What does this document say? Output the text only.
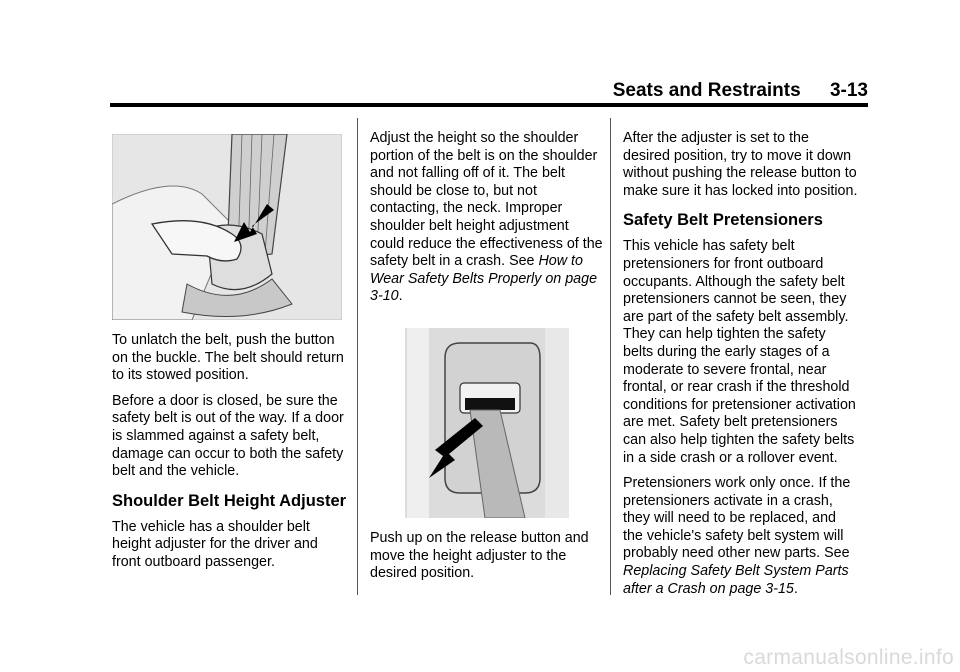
Seats and Restraints 3-13

To unlatch the belt, push the button on the buckle. The belt should return to its stowed position.

Before a door is closed, be sure the safety belt is out of the way. If a door is slammed against a safety belt, damage can occur to both the safety belt and the vehicle.

Shoulder Belt Height Adjuster

The vehicle has a shoulder belt height adjuster for the driver and front outboard passenger.

Adjust the height so the shoulder portion of the belt is on the shoulder and not falling off of it. The belt should be close to, but not contacting, the neck. Improper shoulder belt height adjustment could reduce the effectiveness of the safety belt in a crash. See How to Wear Safety Belts Properly on page 3-10.

Push up on the release button and move the height adjuster to the desired position.

After the adjuster is set to the desired position, try to move it down without pushing the release button to make sure it has locked into position.

Safety Belt Pretensioners

This vehicle has safety belt pretensioners for front outboard occupants. Although the safety belt pretensioners cannot be seen, they are part of the safety belt assembly. They can help tighten the safety belts during the early stages of a moderate to severe frontal, near frontal, or rear crash if the threshold conditions for pretensioner activation are met. Safety belt pretensioners can also help tighten the safety belts in a side crash or a rollover event.

Pretensioners work only once. If the pretensioners activate in a crash, they will need to be replaced, and the vehicle's safety belt system will probably need other new parts. See Replacing Safety Belt System Parts after a Crash on page 3-15.

carmanualsonline.info
